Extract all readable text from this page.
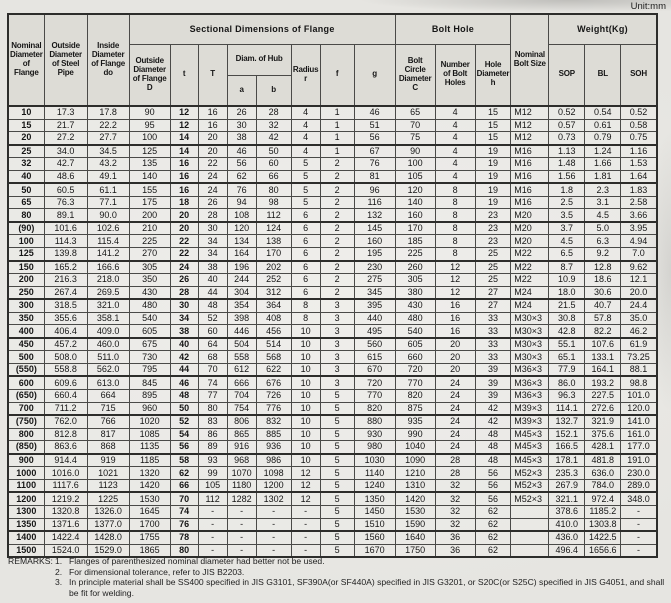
Unit:mm
Nominal Diameter of Flange	Outside Diameter of Steel Pipe	Inside Diameter of Flange do	Sectional Dimensions of Flange								Bolt Hole			Nominal Bolt Size	Weight(Kg)		
			Outside Diameter of Flange D	t	T	Diam. of Hub		Radius r	f	g	Bolt Circle Diameter C	Number of Bolt Holes	Hole Diameter h		SOP	BL	SOH
						a	b										
10	17.3	17.8	90	12	16	26	28	4	1	46	65	4	15	M12	0.52	0.54	0.52
15	21.7	22.2	95	12	16	30	32	4	1	51	70	4	15	M12	0.57	0.61	0.58
20	27.2	27.7	100	14	20	38	42	4	1	56	75	4	15	M12	0.73	0.79	0.75
25	34.0	34.5	125	14	20	46	50	4	1	67	90	4	19	M16	1.13	1.24	1.16
32	42.7	43.2	135	16	22	56	60	5	2	76	100	4	19	M16	1.48	1.66	1.53
40	48.6	49.1	140	16	24	62	66	5	2	81	105	4	19	M16	1.56	1.81	1.64
50	60.5	61.1	155	16	24	76	80	5	2	96	120	8	19	M16	1.8	2.3	1.83
65	76.3	77.1	175	18	26	94	98	5	2	116	140	8	19	M16	2.5	3.1	2.58
80	89.1	90.0	200	20	28	108	112	6	2	132	160	8	23	M20	3.5	4.5	3.66
(90)	101.6	102.6	210	20	30	120	124	6	2	145	170	8	23	M20	3.7	5.0	3.95
100	114.3	115.4	225	22	34	134	138	6	2	160	185	8	23	M20	4.5	6.3	4.94
125	139.8	141.2	270	22	34	164	170	6	2	195	225	8	25	M22	6.5	9.2	7.0
150	165.2	166.6	305	24	38	196	202	6	2	230	260	12	25	M22	8.7	12.8	9.62
200	216.3	218.0	350	26	40	244	252	6	2	275	305	12	25	M22	10.9	18.6	12.1
250	267.4	269.5	430	28	44	304	312	6	2	345	380	12	27	M24	18.0	30.6	20.0
300	318.5	321.0	480	30	48	354	364	8	3	395	430	16	27	M24	21.5	40.7	24.4
350	355.6	358.1	540	34	52	398	408	8	3	440	480	16	33	M30×3	30.8	57.8	35.0
400	406.4	409.0	605	38	60	446	456	10	3	495	540	16	33	M30×3	42.8	82.2	46.2
450	457.2	460.0	675	40	64	504	514	10	3	560	605	20	33	M30×3	55.1	107.6	61.9
500	508.0	511.0	730	42	68	558	568	10	3	615	660	20	33	M30×3	65.1	133.1	73.25
(550)	558.8	562.0	795	44	70	612	622	10	3	670	720	20	39	M36×3	77.9	164.1	88.1
600	609.6	613.0	845	46	74	666	676	10	3	720	770	24	39	M36×3	86.0	193.2	98.8
(650)	660.4	664	895	48	77	704	726	10	5	770	820	24	39	M36×3	96.3	227.5	101.0
700	711.2	715	960	50	80	754	776	10	5	820	875	24	42	M39×3	114.1	272.6	120.0
(750)	762.0	766	1020	52	83	806	832	10	5	880	935	24	42	M39×3	132.7	321.9	141.0
800	812.8	817	1085	54	86	865	885	10	5	930	990	24	48	M45×3	152.1	375.6	161.0
(850)	863.6	868	1135	56	89	916	936	10	5	980	1040	24	48	M45×3	166.5	428.1	177.0
900	914.4	919	1185	58	93	968	986	10	5	1030	1090	28	48	M45×3	178.1	481.8	191.0
1000	1016.0	1021	1320	62	99	1070	1098	12	5	1140	1210	28	56	M52×3	235.3	636.0	230.0
1100	1117.6	1123	1420	66	105	1180	1200	12	5	1240	1310	32	56	M52×3	267.9	784.0	289.0
1200	1219.2	1225	1530	70	112	1282	1302	12	5	1350	1420	32	56	M52×3	321.1	972.4	348.0
1300	1320.8	1326.0	1645	74	-	-	-	-	5	1450	1530	32	62		378.6	1185.2	-
1350	1371.6	1377.0	1700	76	-	-	-	-	5	1510	1590	32	62		410.0	1303.8	-
1400	1422.4	1428.0	1755	78	-	-	-	-	5	1560	1640	36	62		436.0	1422.5	-
1500	1524.0	1529.0	1865	80	-	-	-	-	5	1670	1750	36	62		496.4	1656.6	-
REMARKS: 1. Flanges of parenthesized nominal diameter had better not be used.
2. For dimensional tolerance, refer to JIS B2203.
3. In principle material shall be SS400 specified in JIS G3101, SF390A(or SF440A) specified in JIS G3201, or S20C(or S25C) specified in JIS G4051, and shall be fit for welding.
